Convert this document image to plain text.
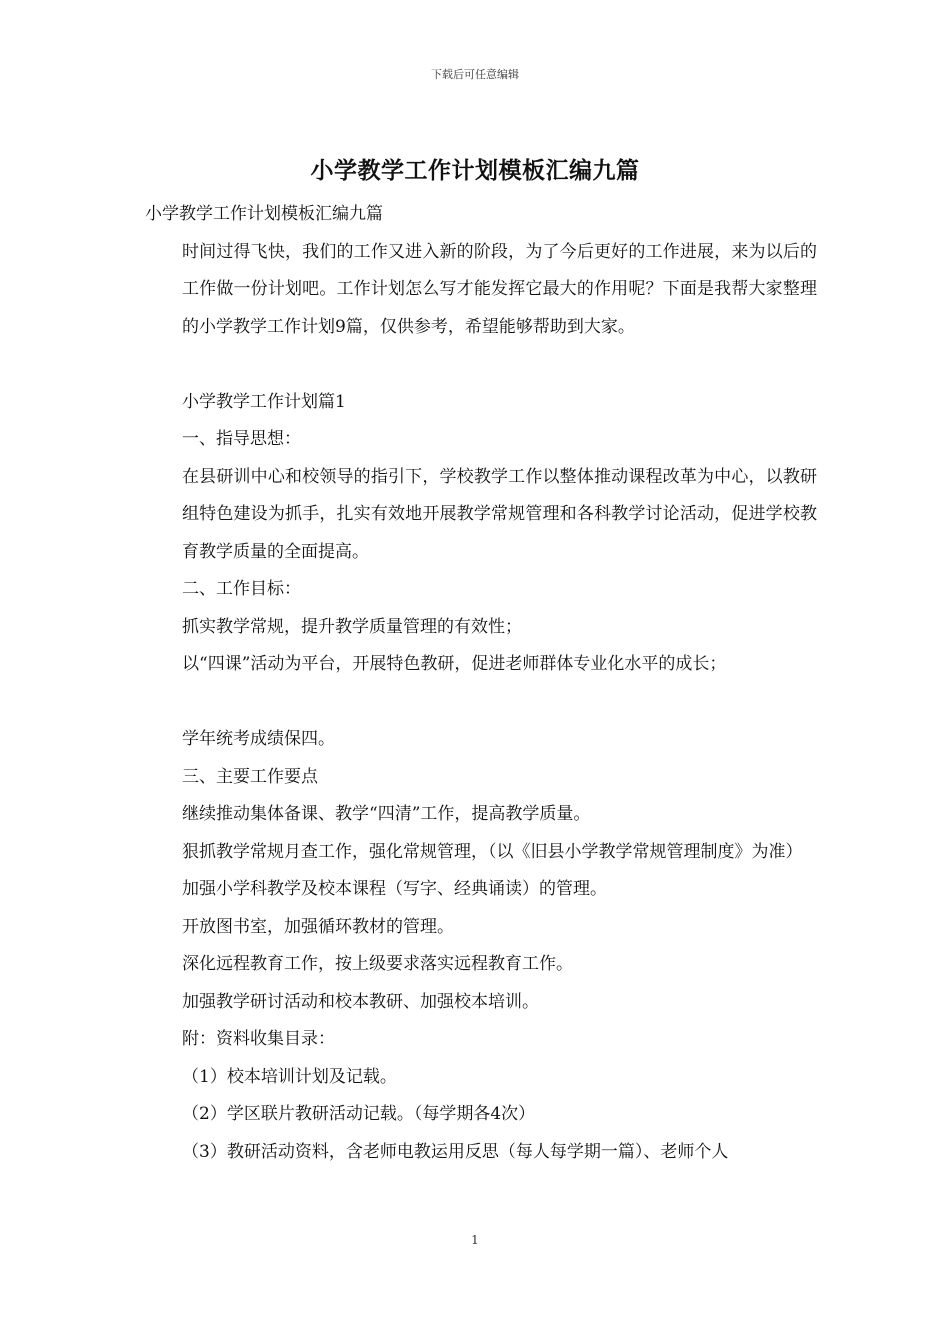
下载后可任意编辑
小学教学工作计划模板汇编九篇

小学教学工作计划模板汇编九篇

时间过得飞快，我们的工作又进入新的阶段，为了今后更好的工作进展，来为以后的工作做一份计划吧。工作计划怎么写才能发挥它最大的作用呢？下面是我帮大家整理的小学教学工作计划9篇，仅供参考，希望能够帮助到大家。

小学教学工作计划篇1

一、指导思想：

在县研训中心和校领导的指引下，学校教学工作以整体推动课程改革为中心，以教研组特色建设为抓手，扎实有效地开展教学常规管理和各科教学讨论活动，促进学校教育教学质量的全面提高。

二、工作目标：

抓实教学常规，提升教学质量管理的有效性；

以“四课”活动为平台，开展特色教研，促进老师群体专业化水平的成长；

学年统考成绩保四。

三、主要工作要点

继续推动集体备课、教学“四清”工作，提高教学质量。

狠抓教学常规月查工作，强化常规管理，（以《旧县小学教学常规管理制度》为准）

加强小学科教学及校本课程（写字、经典诵读）的管理。

开放图书室，加强循环教材的管理。

深化远程教育工作，按上级要求落实远程教育工作。

加强教学研讨活动和校本教研、加强校本培训。

附：资料收集目录：

（1）校本培训计划及记载。

（2）学区联片教研活动记载。（每学期各4次）

（3）教研活动资料，含老师电教运用反思（每人每学期一篇）、老师个人

1
